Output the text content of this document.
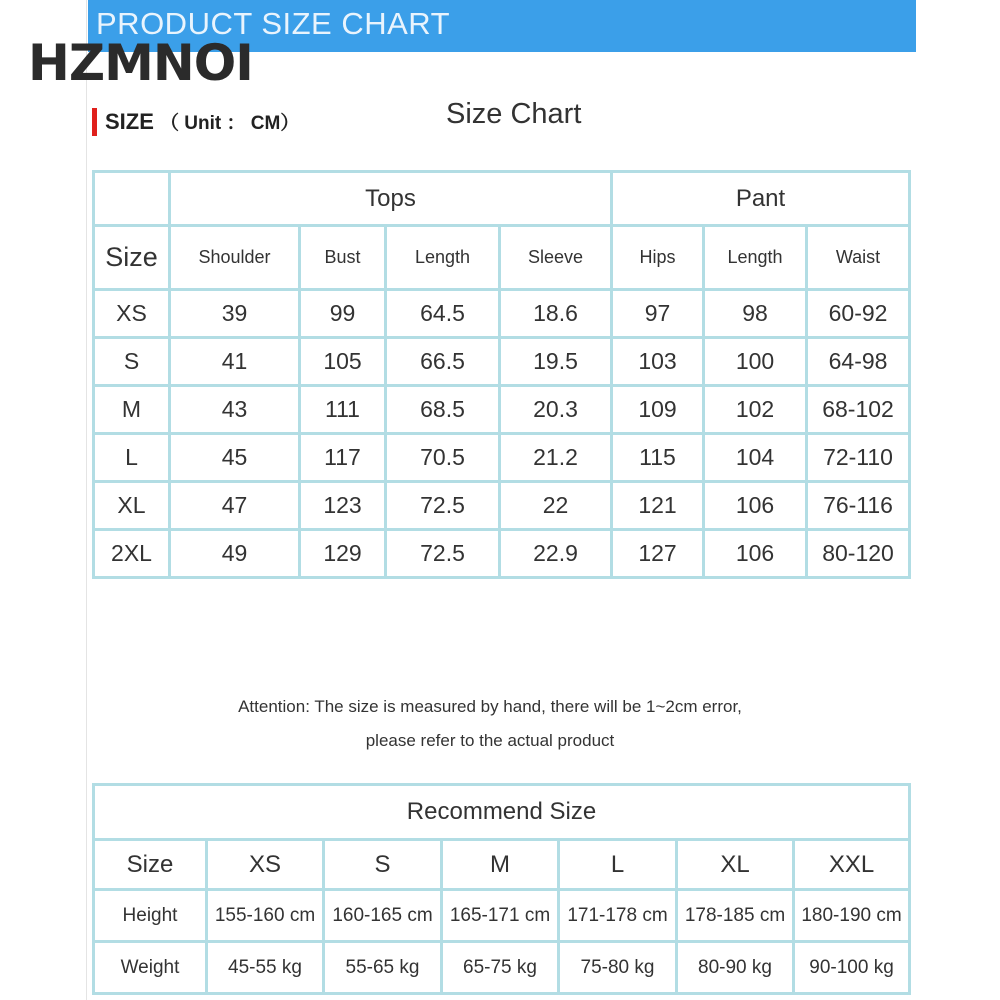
PRODUCT SIZE CHART
HZMNOI
SIZE （ Unit ： CM）	Size Chart
	Tops				Pant		
Size	Shoulder	Bust	Length	Sleeve	Hips	Length	Waist
XS	39	99	64.5	18.6	97	98	60-92
S	41	105	66.5	19.5	103	100	64-98
M	43	111	68.5	20.3	109	102	68-102
L	45	117	70.5	21.2	115	104	72-110
XL	47	123	72.5	22	121	106	76-116
2XL	49	129	72.5	22.9	127	106	80-120
Attention: The size is measured by hand, there will be 1~2cm error,
please refer to the actual product
Recommend Size						
Size	XS	S	M	L	XL	XXL
Height	155-160 cm	160-165 cm	165-171 cm	171-178 cm	178-185 cm	180-190 cm
Weight	45-55 kg	55-65 kg	65-75 kg	75-80 kg	80-90 kg	90-100 kg
